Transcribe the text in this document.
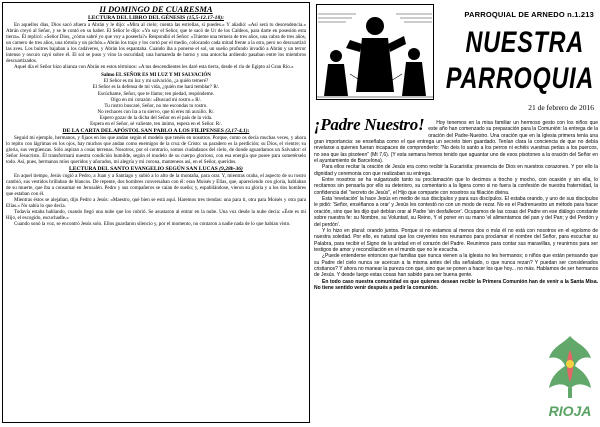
II DOMINGO DE CUARESMA

LECTURA DEL LIBRO DEL GÉNESIS (15,5-12.17-18):

En aquellos días, Dios sacó afuera a Abrán y le dijo: «Mira al cielo; cuenta las estrellas, si puedes.» Y añadió: «Así será tu descendencia.» Abrán creyó al Señor, y se le contó en su haber. El Señor le dijo: «Yo soy el Señor, que te sacó de Ur de los Caldeos, para darte en posesión esta tierra». Él replicó: «Señor Dios, ¿cómo sabré yo que voy a poseerla?» Respondió el Señor: «Tráeme una ternera de tres años, una cabra de tres años, un carnero de tres años, una tórtola y un pichón.» Abrán los trajo y los cortó por el medio, colocando cada mitad frente a la otra, pero no descuartizó las aves. Los buitres bajaban a los cadáveres, y Abrán los espantaba. Cuando iba a ponerse el sol, un sueño profundo invadió a Abrán y un terror intenso y oscuro cayó sobre él. El sol se puso y vino la oscuridad; una humareda de horno y una antorcha ardiendo pasaban entre los miembros descuartizados.

Aquel día el Señor hizo alianza con Abrán en estos términos: «A tus descendientes les daré esta tierra, desde el río de Egipto al Gran Río.»

Salmo EL SEÑOR ES MI LUZ Y MI SALVACIÓN

El Señor es mi luz y mi salvación, ¿a quién temeré?

El Señor es la defensa de mi vida, ¿quién me hará temblar? R/.

Escúchame, Señor, que te llamo; ten piedad, respóndeme.

Oigo en mi corazón: «Buscad mi rostro.» R/.

Tu rostro buscaré, Señor, no me escondas tu rostro.

No rechaces con ira a tu siervo, que tú eres mi auxilio. R/.

Espero gozar de la dicha del Señor en el país de la vida.

Espera en el Señor, sé valiente, ten ánimo, espera en el Señor. R/.

DE LA CARTA DEL APÓSTOL SAN PABLO A LOS FILIPENSES (3,17-4,1):

Seguid mi ejemplo, hermanos, y fijaos en los que andan según el modelo que tenéis en nosotros. Porque, como os decía muchas veces, y ahora lo repito con lágrimas en los ojos, hay muchos que andan como enemigos de la cruz de Cristo: su paradero es la perdición; su Dios, el vientre; su gloria, sus vergüenzas. Sólo aspiran a cosas terrenas. Nosotros, por el contrario, somos ciudadanos del cielo, de donde aguardamos un Salvador: el Señor Jesucristo. Él transformará nuestra condición humilde, según el modelo de su cuerpo glorioso, con esa energía que posee para sometérselo todo. Así, pues, hermanos míos queridos y añorados, mi alegría y mi corona, manteneos así, en el Señor, queridos.

LECTURA DEL SANTO EVANGELIO SEGÚN SAN LUCAS (9,28b-36)

En aquel tiempo, Jesús cogió a Pedro, a Juan y a Santiago y subió a lo alto de la montaña, para orar. Y, mientras oraba, el aspecto de su rostro cambió, sus vestidos brillaban de blancos. De repente, dos hombres conversaban con él: eran Moisés y Elías, que, apareciendo con gloria, hablaban de su muerte, que iba a consumar en Jerusalén. Pedro y sus compañeros se caían de sueño; y, espabilándose, vieron su gloria y a los dos hombres que estaban con él.

Mientras éstos se alejaban, dijo Pedro a Jesús: «Maestro, qué bien se está aquí. Haremos tres tiendas: una para ti, otra para Moisés y otra para Elías.» No sabía lo que decía.

Todavía estaba hablando, cuando llegó una nube que los cubrió. Se asustaron al entrar en la nube. Una voz desde la nube decía: «Éste es mi Hijo, el escogido, escuchadle.»

Cuando sonó la voz, se encontró Jesús solo. Ellos guardaron silencio y, por el momento, no contaron a nadie nada de lo que habían visto.

PARROQUIAL DE ARNEDO n.1.213
NUESTRA
PARROQUIA
21 de febrero de 2016
¡Padre Nuestro!	Hoy tenemos en la misa familiar un hermoso gesto con los niños que este año han comenzado su preparación para la Comunión: la entrega de la oración del Padre-Nuestro. Una oración que en la Iglesia primera tenía una gran importancia: se enseñaba como el que entrega un secreto bien guardado. Tenían clara la conciencia de que no debía revelarse a quienes fueran incapaces de comprenderlo: "No deis lo santo a los perros ni echéis vuestras perlas a los puercos, no sea que las pisoteen" (Mt 7,6). (Y esta semana hemos tenido que aguantar uno de esos pisotones a la oración del Señor en el ayuntamiento de Barcelona).

Para ellos recitar la oración de Jesús era como recibir la Eucaristía: presencia de Dios en nuestros corazones. Y por ello la dignidad y ceremonia con que realizaban su entrega.

Entre nosotros se ha vulgarizado tanto su proclamación que lo decimos a trocho y mocho, con ocasión y sin ella, lo recitamos sin pensarla por ello su deterioro, su comentario a la ligera como si no fuera la confesión de nuestra fraternidad, la confidencia del "secreto de Jesús", el Hijo que comparte con nosotros su filiación divina.

Esta 'revelación' la hace Jesús en medio de sus discípulos y para sus discípulos. El estaba orando, y uno de sus discípulos le pidió: 'Señor, enséñanos a orar' y Jesús les contestó no con un modo de rezar. No es el Padrenuestro un método para hacer oración, sino que les dijo qué debían orar al Padre 'sin desfallecer'. Ocupamos de las cosas del Padre en ese diálogo constante sobre nuestra fe: su Nombre, su Voluntad, su Reino, Y el poner en su mano 'el alimentamos del pan y del Pan; y del Perdón y del perdón'.

Y lo hizo en plural: orando juntos. Porque si no estamos al menos dos o más él no está con nosotros en el egoísmo de nuestra soledad. Por ello, es natural que los creyentes nos reunamos para proclamar el nombre del Señor, para escuchar su Palabra, para recibir el Signo de la unidad en el corazón del Padre. Reunirnos para contar sus maravillas, y reunirnos para ser testigos de amor y reconciliación en el mundo que no le escucha.

¿Puede entenderse entonces que familias que nunca vienen a la iglesia no les hermanos; o niños que están pensando que su Padre del cielo nunca se acercan a la misma antes del día señalado, o que nunca rezan? Y puedan ser considerados cristianos? Y ahora no manear la pureza con que, sino que se ponen a hacer los que hoy... no más. Hablamos de ser hermanos de Jesús. Y desde luego estas cosas han sabido para ser buena gente.

En todo caso nuestra comunidad es que quienes desean recibir la Primera Comunión han de venir a la Santa Misa. No tiene sentido venir después a pedir la comunión.

RIOJA
